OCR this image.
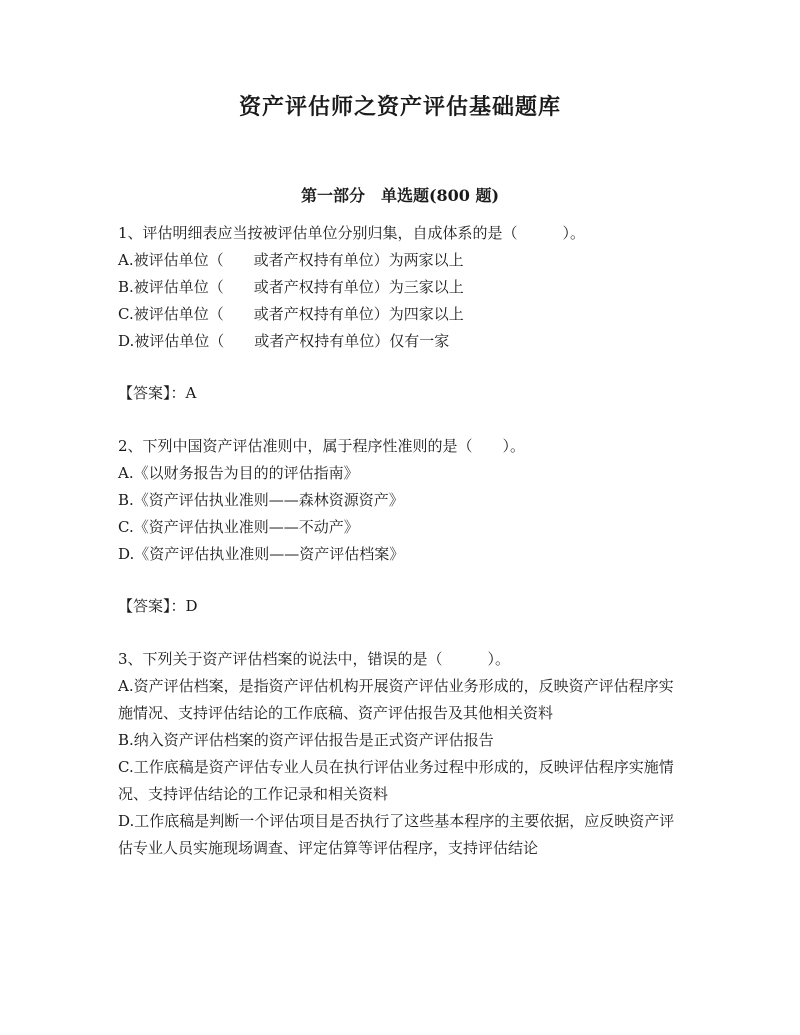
资产评估师之资产评估基础题库
第一部分　单选题(800 题)
1、评估明细表应当按被评估单位分别归集，自成体系的是（　　　）。
A.被评估单位（　　或者产权持有单位）为两家以上
B.被评估单位（　　或者产权持有单位）为三家以上
C.被评估单位（　　或者产权持有单位）为四家以上
D.被评估单位（　　或者产权持有单位）仅有一家
【答案】：A
2、下列中国资产评估准则中，属于程序性准则的是（　　）。
A.《以财务报告为目的的评估指南》
B.《资产评估执业准则——森林资源资产》
C.《资产评估执业准则——不动产》
D.《资产评估执业准则——资产评估档案》
【答案】：D
3、下列关于资产评估档案的说法中，错误的是（　　　）。
A.资产评估档案，是指资产评估机构开展资产评估业务形成的，反映资产评估程序实施情况、支持评估结论的工作底稿、资产评估报告及其他相关资料
B.纳入资产评估档案的资产评估报告是正式资产评估报告
C.工作底稿是资产评估专业人员在执行评估业务过程中形成的，反映评估程序实施情况、支持评估结论的工作记录和相关资料
D.工作底稿是判断一个评估项目是否执行了这些基本程序的主要依据，应反映资产评估专业人员实施现场调查、评定估算等评估程序，支持评估结论
